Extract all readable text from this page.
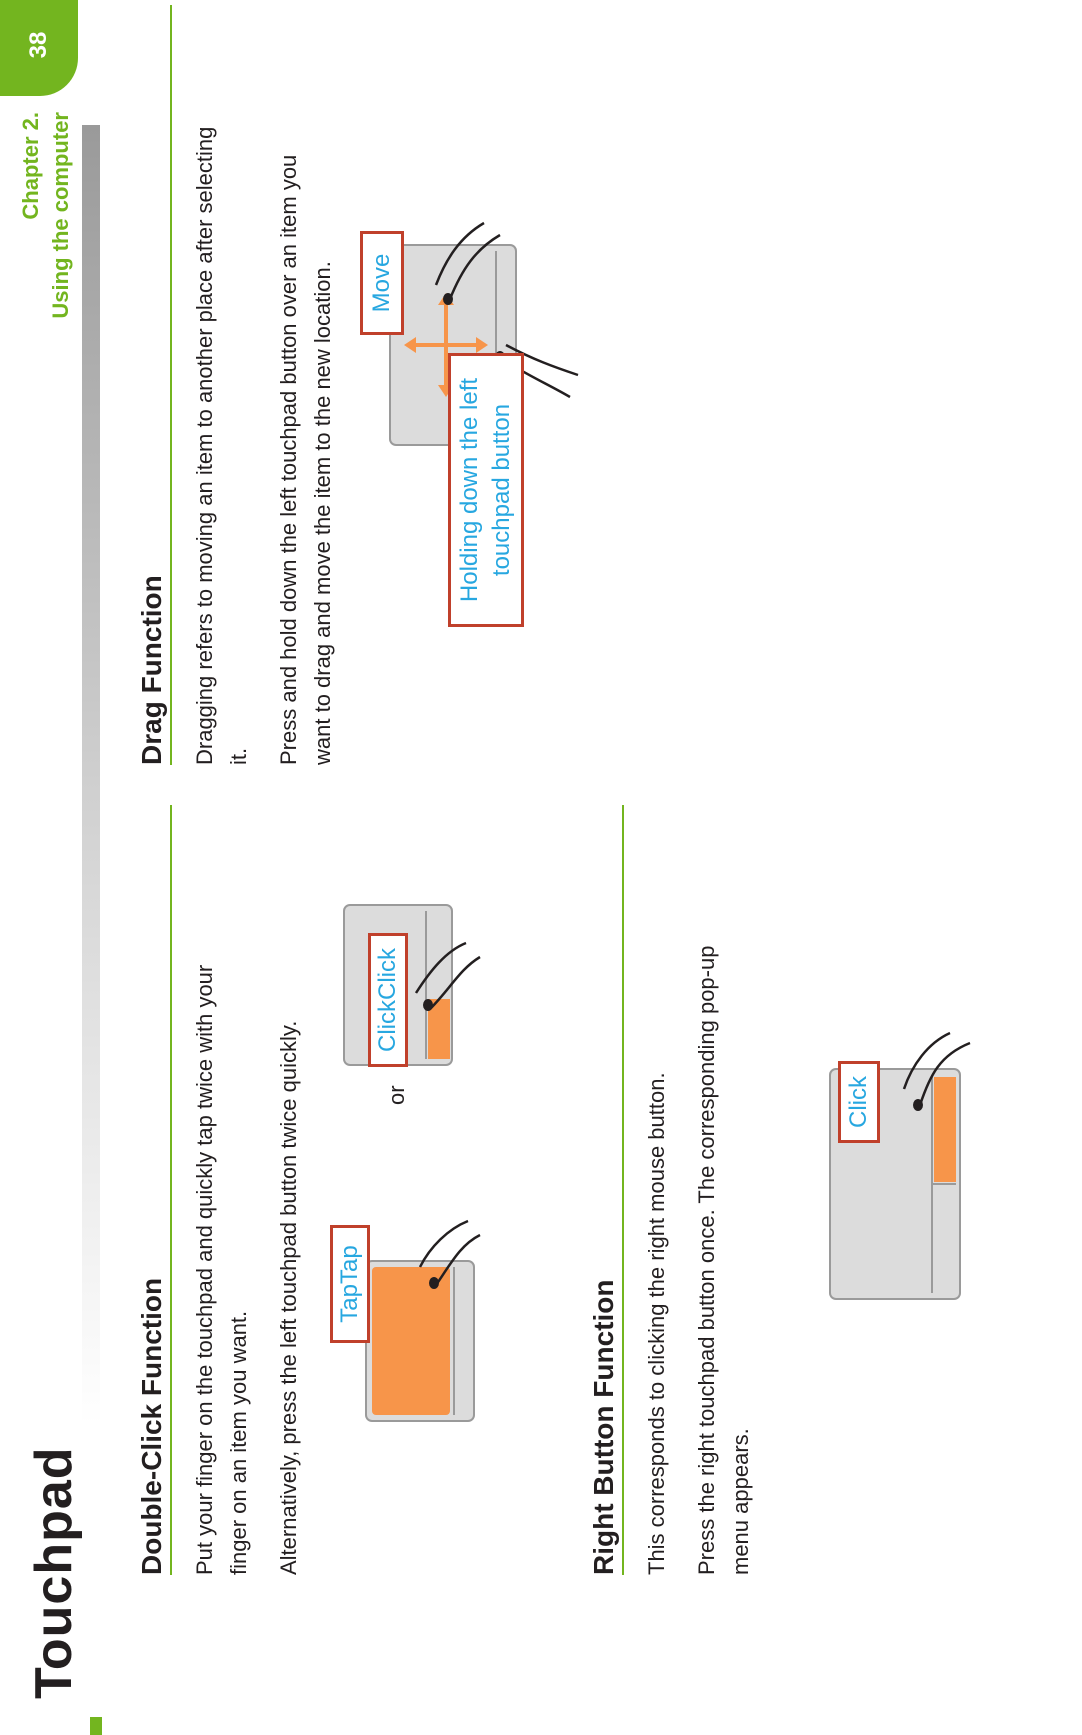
Touchpad
Chapter 2. Using the computer
38
Double-Click Function Put your finger on the touchpad and quickly tap twice with your finger on an item you want. Alternatively, press the left touchpad button twice quickly. TapTap
or
ClickClick
Right Button Function This corresponds to clicking the right mouse button. Press the right touchpad button once. The corresponding pop-up menu appears.
Click
Drag Function Dragging refers to moving an item to another place after selecting it. Press and hold down the left touchpad button over an item you want to drag and move the item to the new location. Move
Holding down the left touchpad button
